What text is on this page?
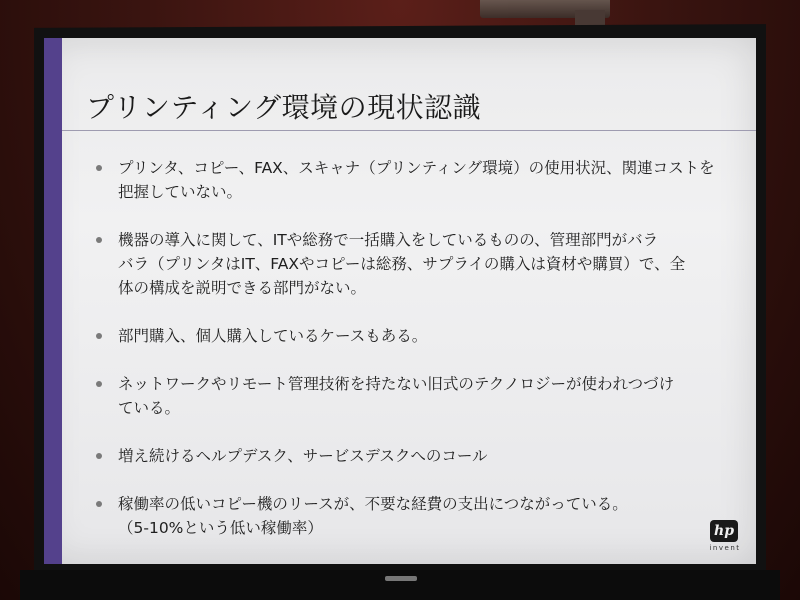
プリンティング環境の現状認識
プリンタ、コピー、FAX、スキャナ（プリンティング環境）の使用状況、関連コストを
把握していない。
機器の導入に関して、ITや総務で一括購入をしているものの、管理部門がバラ
バラ（プリンタはIT、FAXやコピーは総務、サプライの購入は資材や購買）で、全
体の構成を説明できる部門がない。
部門購入、個人購入しているケースもある。
ネットワークやリモート管理技術を持たない旧式のテクノロジーが使われつづけ
ている。
増え続けるヘルプデスク、サービスデスクへのコール
稼働率の低いコピー機のリースが、不要な経費の支出につながっている。
（5-10%という低い稼働率）	hp
invent
